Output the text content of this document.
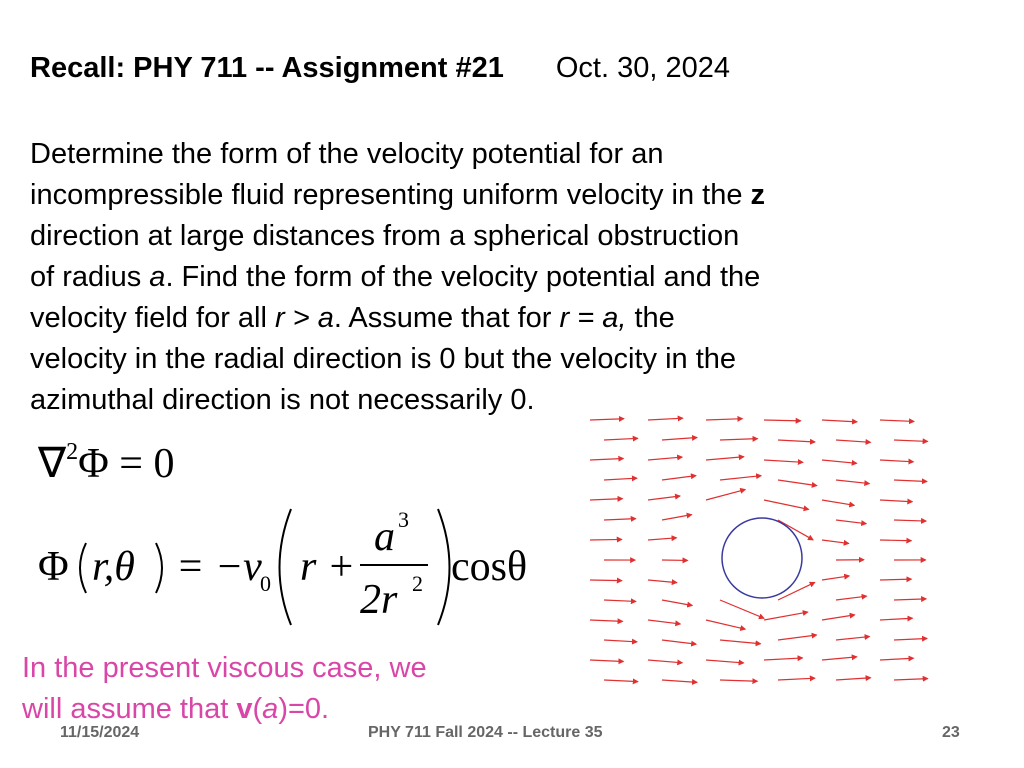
Recall: PHY 711 -- Assignment #21 Oct. 30, 2024

Determine the form of the velocity potential for an

incompressible fluid representing uniform velocity in the z

direction at large distances from a spherical obstruction

of radius a. Find the form of the velocity potential and the

velocity field for all r > a. Assume that for r = a, the

velocity in the radial direction is 0 but the velocity in the

azimuthal direction is not necessarily 0.

∇$^2$Φ = 0
Φ r,θ = −v
0 r +
a 3
2r 2 cosθ

In the present viscous case, we

will assume that v(a)=0.

11/15/2024	PHY 711 Fall 2024 -- Lecture 35	23
